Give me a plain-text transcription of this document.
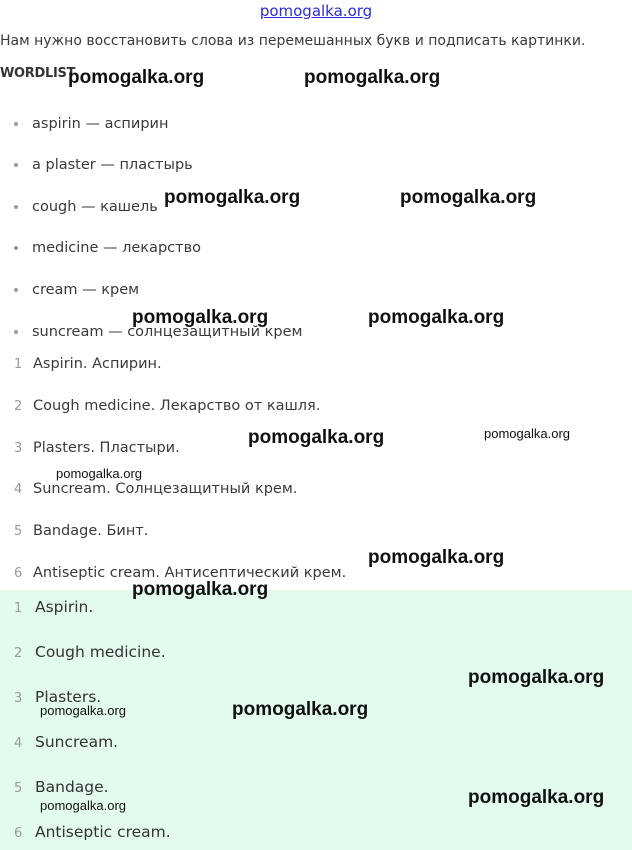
pomogalka.org
Нам нужно восстановить слова из перемешанных букв и подписать картинки.
WORDLIST
aspirin — аспирин
a plaster — пластырь
cough — кашель
medicine — лекарство
cream — крем
suncream — солнцезащитный крем
1 Aspirin. Аспирин.
2 Cough medicine. Лекарство от кашля.
3 Plasters. Пластыри.
4 Suncream. Солнцезащитный крем.
5 Bandage. Бинт.
6 Antiseptic cream. Антисептический крем.
1 Aspirin.
2 Cough medicine.
3 Plasters.
4 Suncream.
5 Bandage.
6 Antiseptic cream.
pomogalka.org	pomogalka.org
pomogalka.org	pomogalka.org
pomogalka.org	pomogalka.org
pomogalka.org	pomogalka.org
pomogalka.org
pomogalka.org
pomogalka.org
pomogalka.org
pomogalka.org	pomogalka.org
pomogalka.org	pomogalka.org
